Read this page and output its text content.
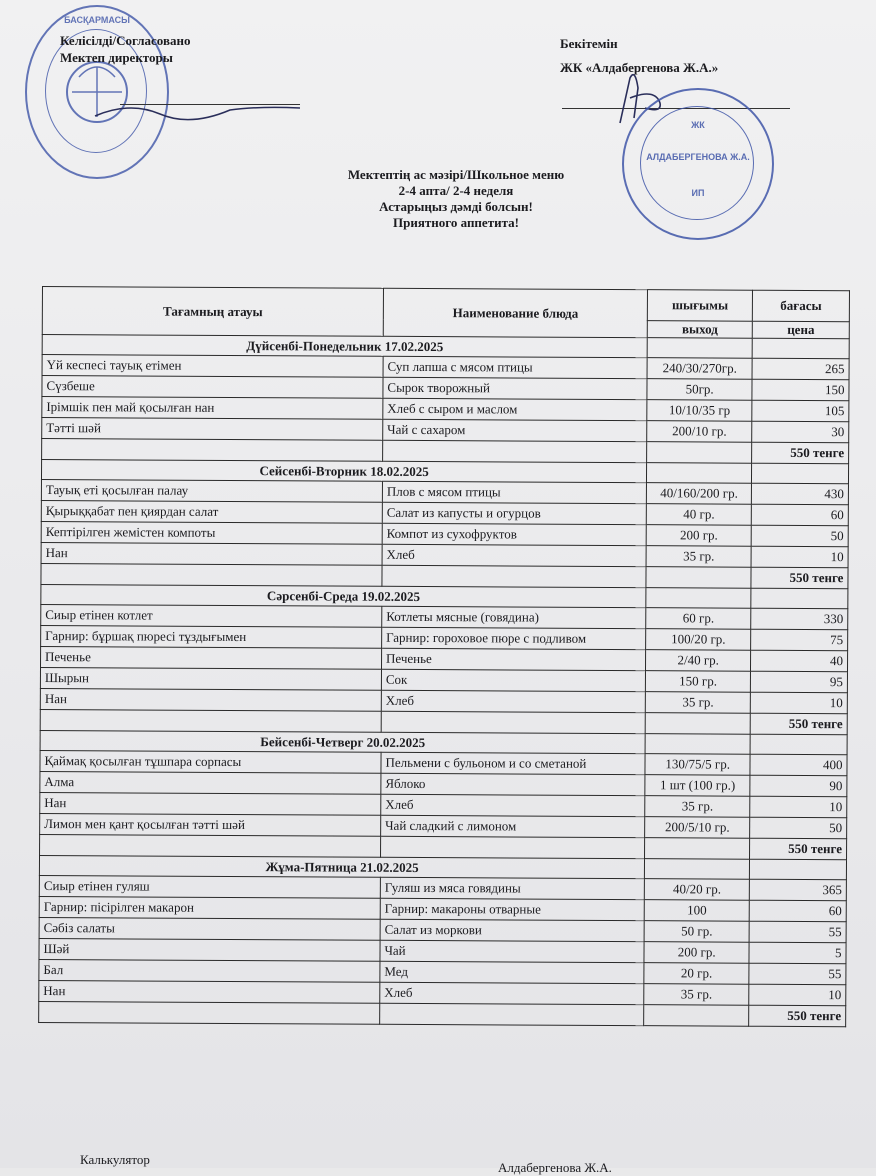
БАСҚАРМАСЫ
Келісілді/Согласовано
Мектеп директоры
Бекітемін
ЖК «Алдабергенова Ж.А.»
ЖК
АЛДАБЕРГЕНОВА Ж.А.
ИП
Мектептің ас мәзірі/Школьное меню
2-4 апта/ 2-4 неделя
Астарыңыз дәмді болсын!
Приятного аппетита!
Тағамның атауы	Наименование блюда	шығымы	бағасы
		выход	цена
Дүйсенбі-Понедельник 17.02.2025			
Үй кеспесі тауық етімен	Суп лапша с мясом птицы	240/30/270гр.	265
Сүзбеше	Сырок творожный	50гр.	150
Ірімшік пен май қосылған нан	Хлеб с сыром и маслом	10/10/35 гр	105
Тәтті шәй	Чай с сахаром	200/10 гр.	30
			550 тенге
Сейсенбі-Вторник 18.02.2025			
Тауық еті қосылған палау	Плов с мясом птицы	40/160/200 гр.	430
Қырыққабат пен қиярдан салат	Салат из капусты и огурцов	40 гр.	60
Кептірілген жемістен компоты	Компот из сухофруктов	200 гр.	50
Нан	Хлеб	35 гр.	10
			550 тенге
Сәрсенбі-Среда 19.02.2025			
Сиыр етінен котлет	Котлеты мясные (говядина)	60 гр.	330
Гарнир: бұршақ пюресі тұздығымен	Гарнир: гороховое пюре с подливом	100/20 гр.	75
Печенье	Печенье	2/40 гр.	40
Шырын	Сок	150 гр.	95
Нан	Хлеб	35 гр.	10
			550 тенге
Бейсенбі-Четверг 20.02.2025			
Қаймақ қосылған тұшпара сорпасы	Пельмени с бульоном и со сметаной	130/75/5 гр.	400
Алма	Яблоко	1 шт (100 гр.)	90
Нан	Хлеб	35 гр.	10
Лимон мен қант қосылған тәтті шәй	Чай сладкий с лимоном	200/5/10 гр.	50
			550 тенге
Жұма-Пятница 21.02.2025			
Сиыр етінен гуляш	Гуляш из мяса говядины	40/20 гр.	365
Гарнир: пісірілген макарон	Гарнир: макароны отварные	100	60
Сәбіз салаты	Салат из моркови	50 гр.	55
Шәй	Чай	200 гр.	5
Бал	Мед	20 гр.	55
Нан	Хлеб	35 гр.	10
			550 тенге
Калькулятор
Алдабергенова Ж.А.
